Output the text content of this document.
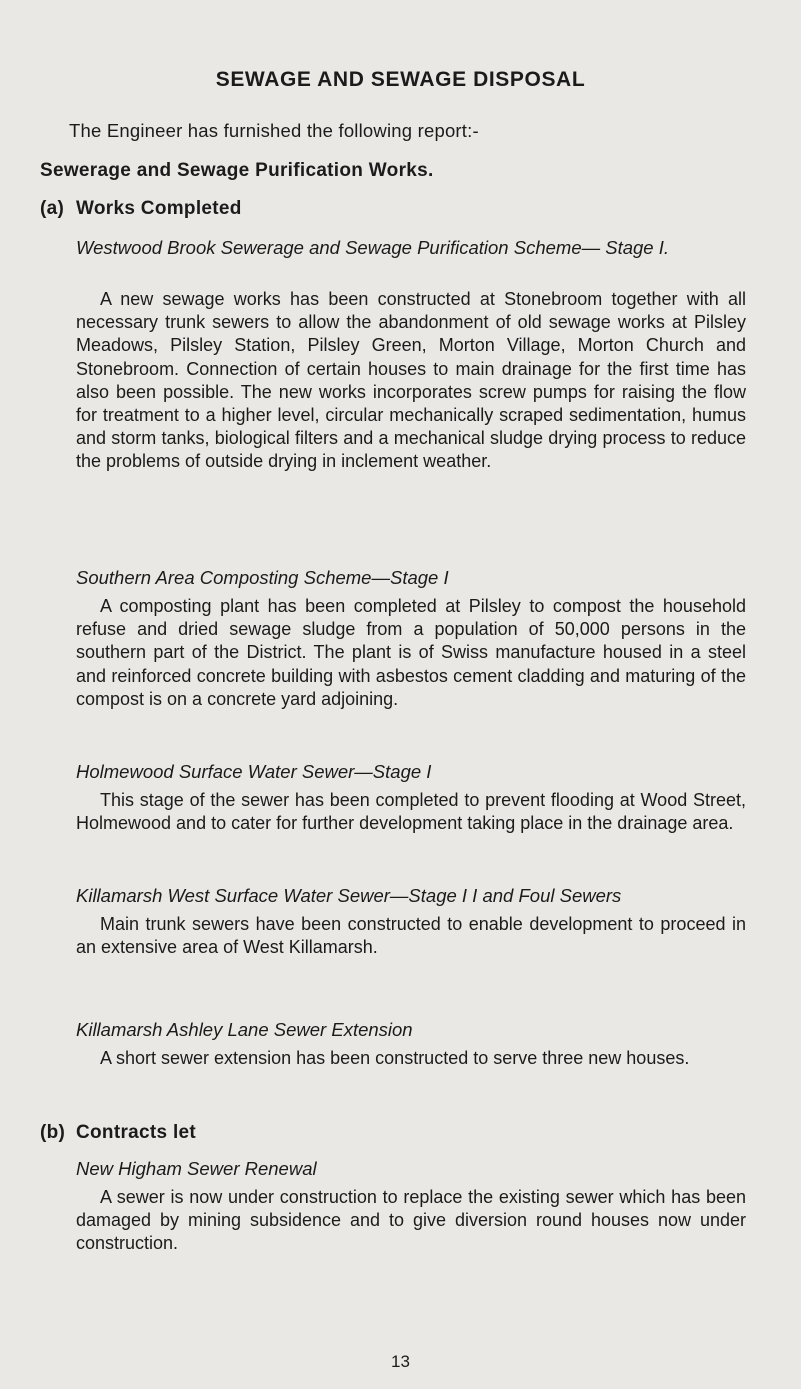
SEWAGE AND SEWAGE DISPOSAL
The Engineer has furnished the following report:-
Sewerage and Sewage Purification Works.
(a) Works Completed
Westwood Brook Sewerage and Sewage Purification Scheme— Stage I.
A new sewage works has been constructed at Stonebroom together with all necessary trunk sewers to allow the abandonment of old sewage works at Pilsley Meadows, Pilsley Station, Pilsley Green, Morton Village, Morton Church and Stonebroom. Connection of certain houses to main drainage for the first time has also been possible. The new works incorporates screw pumps for raising the flow for treatment to a higher level, circular mechanically scraped sedimentation, humus and storm tanks, biological filters and a mechanical sludge drying process to reduce the problems of outside drying in inclement weather.
Southern Area Composting Scheme—Stage I
A composting plant has been completed at Pilsley to compost the household refuse and dried sewage sludge from a population of 50,000 persons in the southern part of the District. The plant is of Swiss manufacture housed in a steel and reinforced concrete building with asbestos cement cladding and maturing of the compost is on a concrete yard adjoining.
Holmewood Surface Water Sewer—Stage I
This stage of the sewer has been completed to prevent flooding at Wood Street, Holmewood and to cater for further development taking place in the drainage area.
Killamarsh West Surface Water Sewer—Stage I I and Foul Sewers
Main trunk sewers have been constructed to enable development to proceed in an extensive area of West Killamarsh.
Killamarsh Ashley Lane Sewer Extension
A short sewer extension has been constructed to serve three new houses.
(b) Contracts let
New Higham Sewer Renewal
A sewer is now under construction to replace the existing sewer which has been damaged by mining subsidence and to give diversion round houses now under construction.
13
